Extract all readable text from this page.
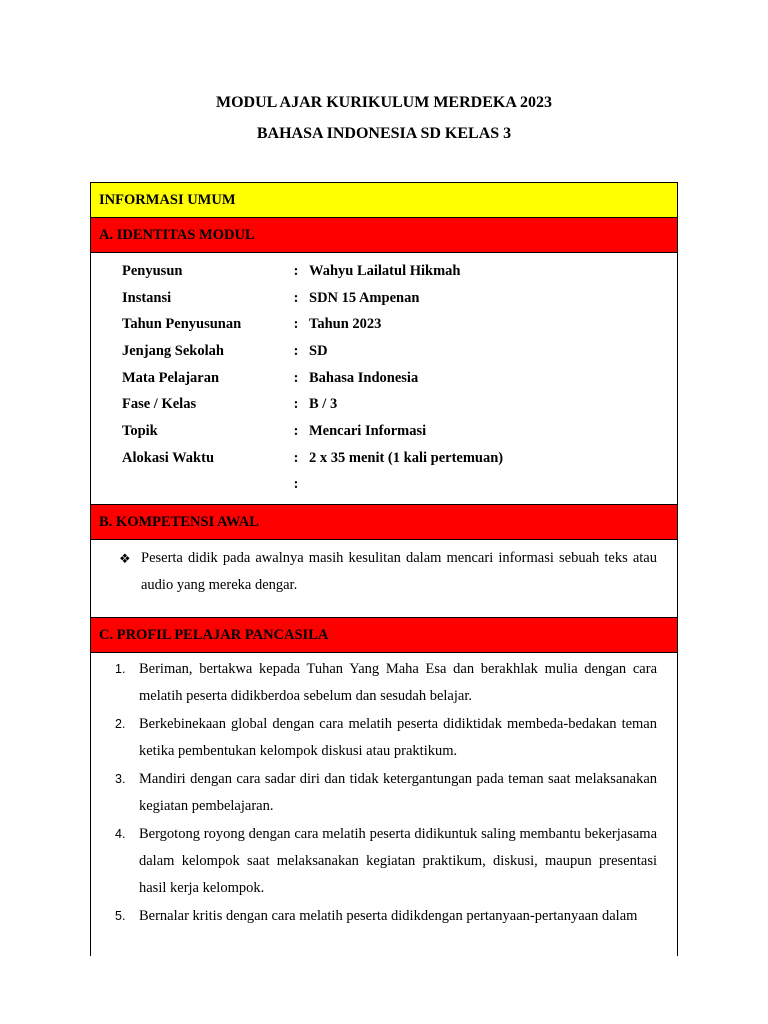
MODUL AJAR KURIKULUM MERDEKA 2023
BAHASA INDONESIA SD KELAS 3
INFORMASI UMUM
A. IDENTITAS MODUL
Penyusun	: Wahyu Lailatul Hikmah
Instansi	: SDN 15 Ampenan
Tahun Penyusunan	: Tahun 2023
Jenjang Sekolah	: SD
Mata Pelajaran	: Bahasa Indonesia
Fase / Kelas	: B / 3
Topik	: Mencari Informasi
Alokasi Waktu	: 2 x 35 menit (1 kali pertemuan)
:
B. KOMPETENSI AWAL
❖ Peserta didik pada awalnya masih kesulitan dalam mencari informasi sebuah teks atau audio yang mereka dengar.
C. PROFIL PELAJAR PANCASILA
1. Beriman, bertakwa kepada Tuhan Yang Maha Esa dan berakhlak mulia dengan cara melatih peserta didikberdoa sebelum dan sesudah belajar.
2. Berkebinekaan global dengan cara melatih peserta didiktidak membeda-bedakan teman ketika pembentukan kelompok diskusi atau praktikum.
3. Mandiri dengan cara sadar diri dan tidak ketergantungan pada teman saat melaksanakan kegiatan pembelajaran.
4. Bergotong royong dengan cara melatih peserta didikuntuk saling membantu bekerjasama dalam kelompok saat melaksanakan kegiatan praktikum, diskusi, maupun presentasi hasil kerja kelompok.
5. Bernalar kritis dengan cara melatih peserta didikdengan pertanyaan-pertanyaan dalam
